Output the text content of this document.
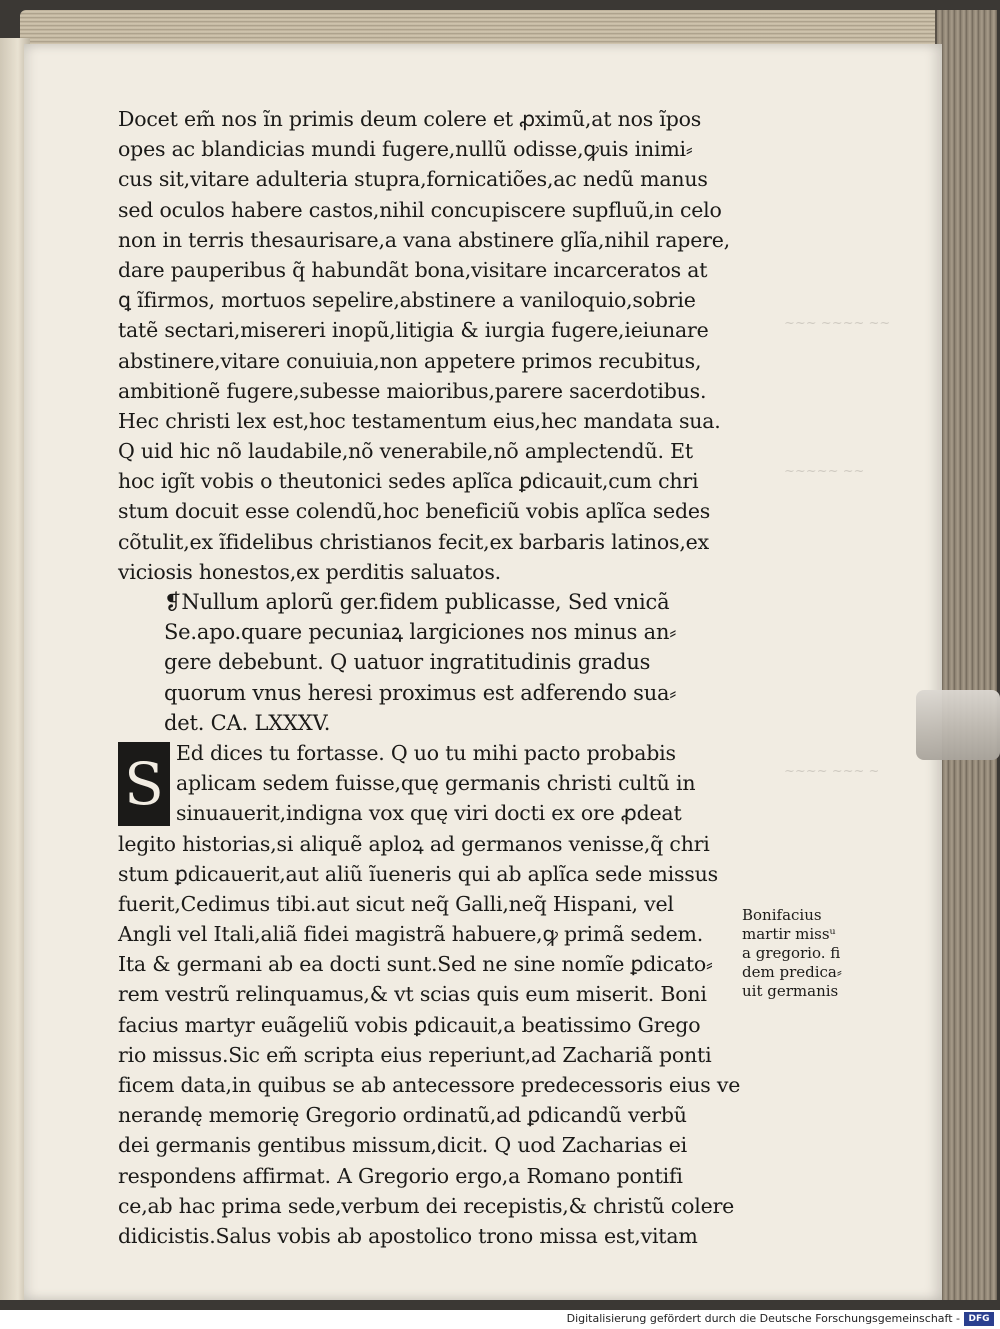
~~~ ~~~~ ~~
~~~~~ ~~
~~~~ ~~~ ~
Docet em̃ nos ĩn primis deum colere et ꝓximũ,at nos ĩpos
opes ac blandicias mundi fugere,nullũ odisse,ꝙuis inimi⸗
cus sit,vitare adulteria stupra,fornicatiões,ac nedũ manus
sed oculos habere castos,nihil concupiscere supfluũ,in celo
non in terris thesaurisare,a vana abstinere glĩa,nihil rapere,
dare pauperibus q̃ habundãt bona,visitare incarceratos at
ꝗ ĩfirmos, mortuos sepelire,abstinere a vaniloquio,sobrie
tatẽ sectari,misereri inopũ,litigia & iurgia fugere,ieiunare
abstinere,vitare conuiuia,non appetere primos recubitus,
ambitionẽ fugere,subesse maioribus,parere sacerdotibus.
Hec christi lex est,hoc testamentum eius,hec mandata sua.
Q uid hic nõ laudabile,nõ venerabile,nõ amplectendũ. Et
hoc igĩt vobis o theutonici sedes aplĩca ꝑdicauit,cum chri
stum docuit esse colendũ,hoc beneficiũ vobis aplĩca sedes
cõtulit,ex ĩfidelibus christianos fecit,ex barbaris latinos,ex
viciosis honestos,ex perditis saluatos.
❡Nullum aplorũ ger.fidem publicasse, Sed vnicã
Se.apo.quare pecuniaꝝ largiciones nos minus an⸗
gere debebunt. Q uatuor ingratitudinis gradus
quorum vnus heresi proximus est adferendo sua⸗
det. CA. LXXXV.
S Ed dices tu fortasse. Q uo tu mihi pacto probabis
aplicam sedem fuisse,quę germanis christi cultũ in
sinuauerit,indigna vox quę viri docti ex ore ꝓdeat
legito historias,si aliquẽ aploꝝ ad germanos venisse,q̃ chri
stum ꝑdicauerit,aut aliũ ĩueneris qui ab aplĩca sede missus
fuerit,Cedimus tibi.aut sicut neq̃ Galli,neq̃ Hispani, vel
Angli vel Itali,aliã fidei magistrã habuere,ꝙ primã sedem.
Ita & germani ab ea docti sunt.Sed ne sine nomĩe ꝑdicato⸗
rem vestrũ relinquamus,& vt scias quis eum miserit. Boni
facius martyr euãgeliũ vobis ꝑdicauit,a beatissimo Grego
rio missus.Sic em̃ scripta eius reperiunt,ad Zachariã ponti
ficem data,in quibus se ab antecessore predecessoris eius ve
nerandę memorię Gregorio ordinatũ,ad ꝑdicandũ verbũ
dei germanis gentibus missum,dicit. Q uod Zacharias ei
respondens affirmat. A Gregorio ergo,a Romano pontifi
ce,ab hac prima sede,verbum dei recepistis,& christũ colere
didicistis.Salus vobis ab apostolico trono missa est,vitam
Bonifacius
martir missᵘ
a gregorio. fi
dem predica⸗
uit germanis
Digitalisierung gefördert durch die Deutsche Forschungsgemeinschaft - DFG
